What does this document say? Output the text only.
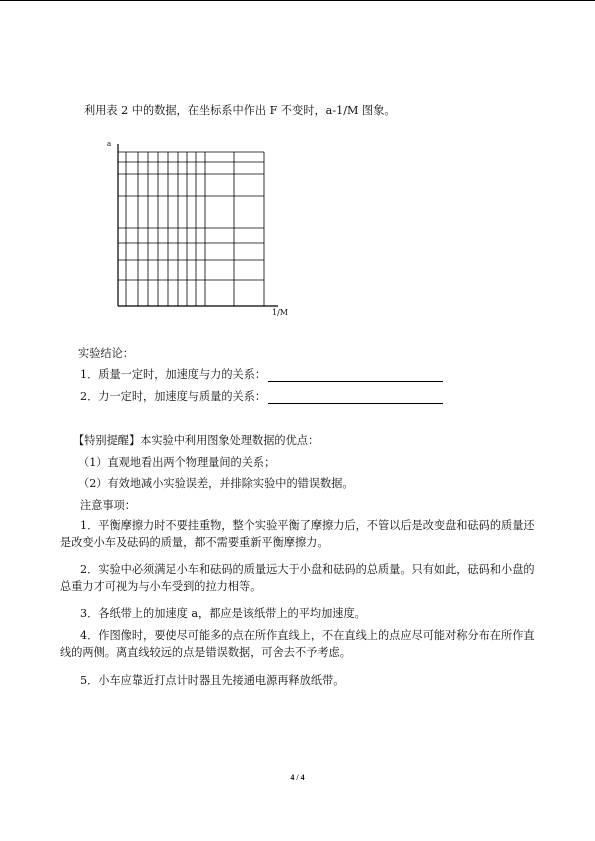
利用表 2 中的数据，在坐标系中作出 F 不变时，a-1/M 图象。
a
1/M
实验结论：
1．质量一定时，加速度与力的关系：
2．力一定时，加速度与质量的关系：
【特别提醒】本实验中利用图象处理数据的优点：
（1）直观地看出两个物理量间的关系；
（2）有效地减小实验误差，并排除实验中的错误数据。
注意事项：
1．平衡摩擦力时不要挂重物，整个实验平衡了摩擦力后，不管以后是改变盘和砝码的质量还是改变小车及砝码的质量，都不需要重新平衡摩擦力。
2．实验中必须满足小车和砝码的质量远大于小盘和砝码的总质量。只有如此，砝码和小盘的总重力才可视为与小车受到的拉力相等。
3．各纸带上的加速度 a，都应是该纸带上的平均加速度。
4．作图像时，要使尽可能多的点在所作直线上，不在直线上的点应尽可能对称分布在所作直线的两侧。离直线较远的点是错误数据，可舍去不予考虑。
5．小车应靠近打点计时器且先接通电源再释放纸带。
4 / 4
